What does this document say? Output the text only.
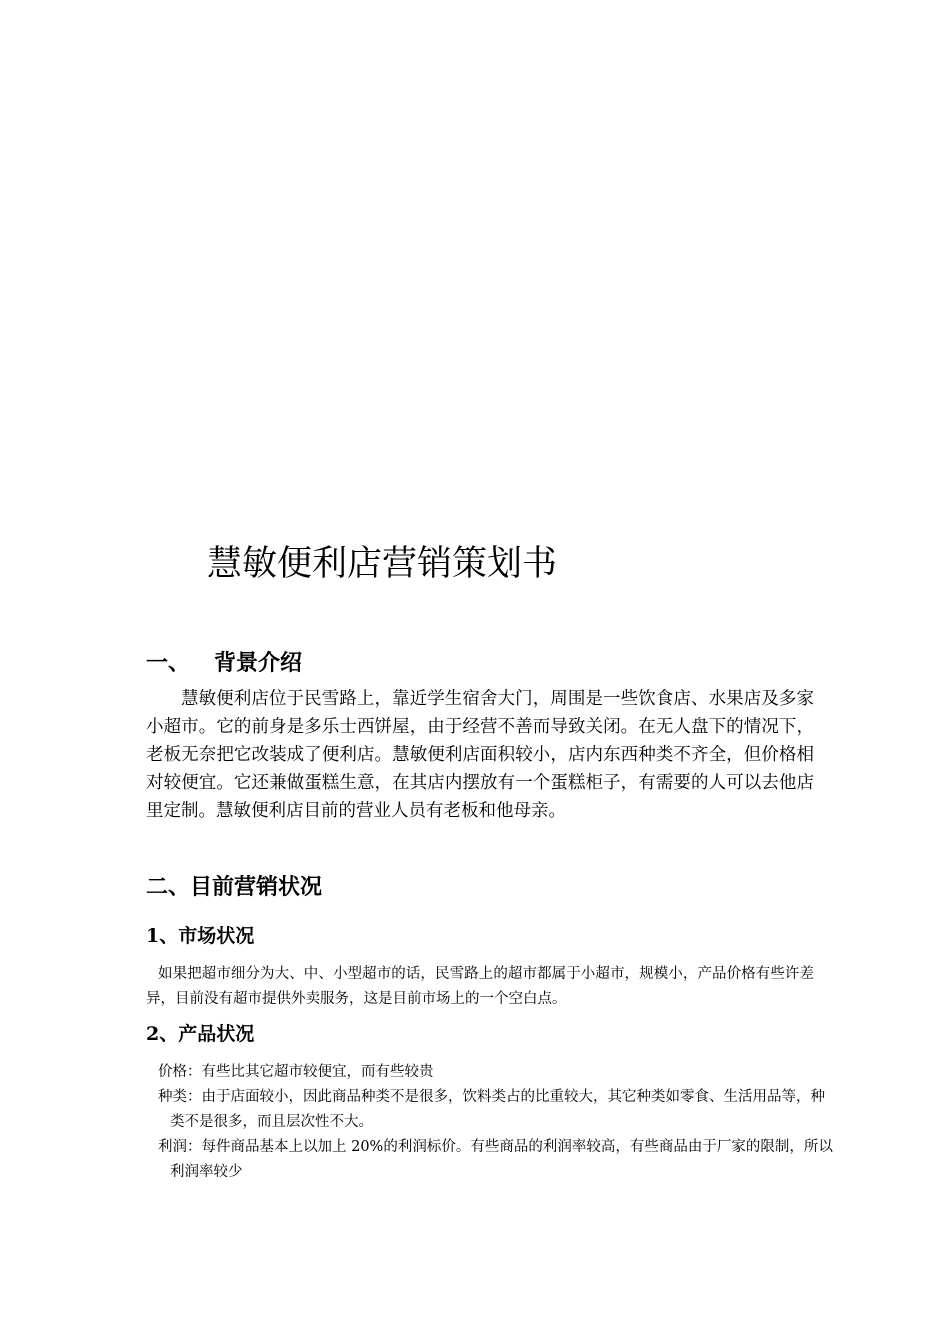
慧敏便利店营销策划书
一、 背景介绍

慧敏便利店位于民雪路上，靠近学生宿舍大门，周围是一些饮食店、水果店及多家小超市。它的前身是多乐士西饼屋，由于经营不善而导致关闭。在无人盘下的情况下，老板无奈把它改装成了便利店。慧敏便利店面积较小，店内东西种类不齐全，但价格相对较便宜。它还兼做蛋糕生意，在其店内摆放有一个蛋糕柜子，有需要的人可以去他店里定制。慧敏便利店目前的营业人员有老板和他母亲。

二、目前营销状况
1、市场状况

如果把超市细分为大、中、小型超市的话，民雪路上的超市都属于小超市，规模小，产品价格有些许差异，目前没有超市提供外卖服务，这是目前市场上的一个空白点。

2、产品状况
价格：有些比其它超市较便宜，而有些较贵
种类：由于店面较小，因此商品种类不是很多，饮料类占的比重较大，其它种类如零食、生活用品等，种类不是很多，而且层次性不大。
利润：每件商品基本上以加上 20%的利润标价。有些商品的利润率较高，有些商品由于厂家的限制，所以利润率较少
